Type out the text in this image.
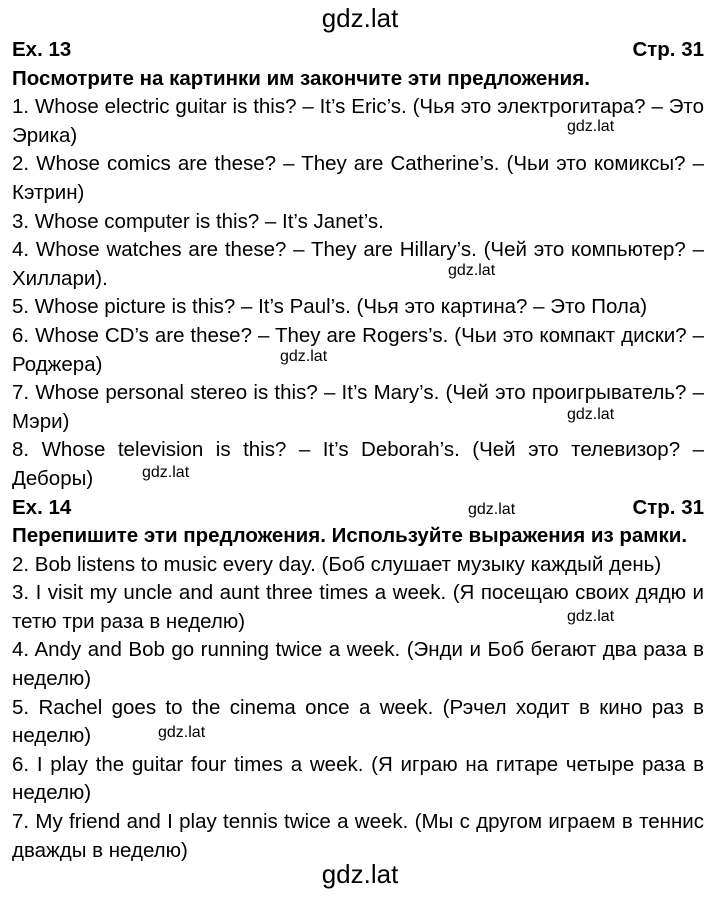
gdz.lat
Ex. 13	Стр. 31
Посмотрите на картинки им закончите эти предложения.
1. Whose electric guitar is this? – It’s Eric’s. (Чья это электрогитара? – Это Эрика)
2. Whose comics are these? – They are Catherine’s. (Чьи это комиксы? – Кэтрин)
3. Whose computer is this? – It’s Janet’s.
4. Whose watches are these? – They are Hillary’s. (Чей это компьютер? – Хиллари).
5. Whose picture is this? – It’s Paul’s. (Чья это картина? – Это Пола)
6. Whose CD’s are these? – They are Rogers’s. (Чьи это компакт диски? – Роджера)
7. Whose personal stereo is this? – It’s Mary’s. (Чей это проигрыватель? – Мэри)
8. Whose television is this? – It’s Deborah’s. (Чей это телевизор? – Деборы)
Ex. 14	gdz.lat	Стр. 31
Перепишите эти предложения. Используйте выражения из рамки.
2. Bob listens to music every day. (Боб слушает музыку каждый день)
3. I visit my uncle and aunt three times a week. (Я посещаю своих дядю и тетю три раза в неделю)
4. Andy and Bob go running twice a week. (Энди и Боб бегают два раза в неделю)
5. Rachel goes to the cinema once a week. (Рэчел ходит в кино раз в неделю)
6. I play the guitar four times a week. (Я играю на гитаре четыре раза в неделю)
7. My friend and I play tennis twice a week. (Мы с другом играем в теннис дважды в неделю)
gdz.lat
gdz.lat
gdz.lat
gdz.lat
gdz.lat
gdz.lat
gdz.lat
gdz.lat
